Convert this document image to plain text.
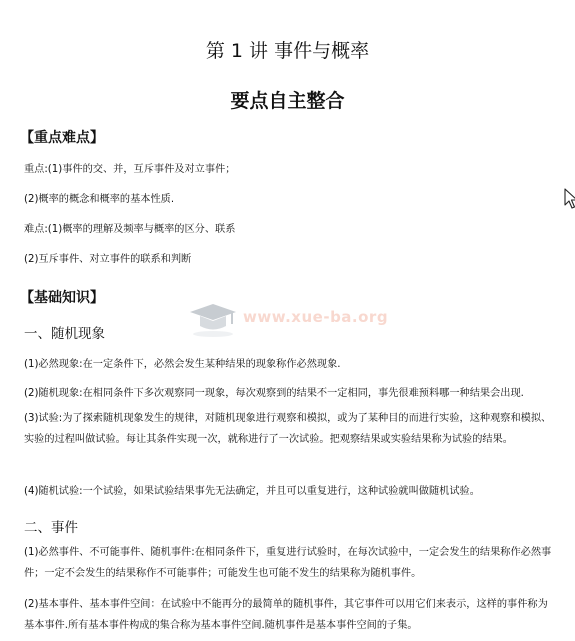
第 1 讲 事件与概率
要点自主整合
【重点难点】
重点:(1)事件的交、并，互斥事件及对立事件；
(2)概率的概念和概率的基本性质.
难点:(1)概率的理解及频率与概率的区分、联系
(2)互斥事件、对立事件的联系和判断
【基础知识】
www.xue-ba.org
一、随机现象
(1)必然现象:在一定条件下，必然会发生某种结果的现象称作必然现象.
(2)随机现象:在相同条件下多次观察同一现象，每次观察到的结果不一定相同，事先很难预料哪一种结果会出现.
(3)试验:为了探索随机现象发生的规律，对随机现象进行观察和模拟，或为了某种目的而进行实验，这种观察和模拟、实验的过程叫做试验。每让其条件实现一次，就称进行了一次试验。把观察结果或实验结果称为试验的结果。
(4)随机试验:一个试验，如果试验结果事先无法确定，并且可以重复进行，这种试验就叫做随机试验。
二、事件
(1)必然事件、不可能事件、随机事件:在相同条件下，重复进行试验时，在每次试验中，一定会发生的结果称作必然事件；一定不会发生的结果称作不可能事件；可能发生也可能不发生的结果称为随机事件。
(2)基本事件、基本事件空间：在试验中不能再分的最简单的随机事件，其它事件可以用它们来表示，这样的事件称为基本事件.所有基本事件构成的集合称为基本事件空间.随机事件是基本事件空间的子集。
